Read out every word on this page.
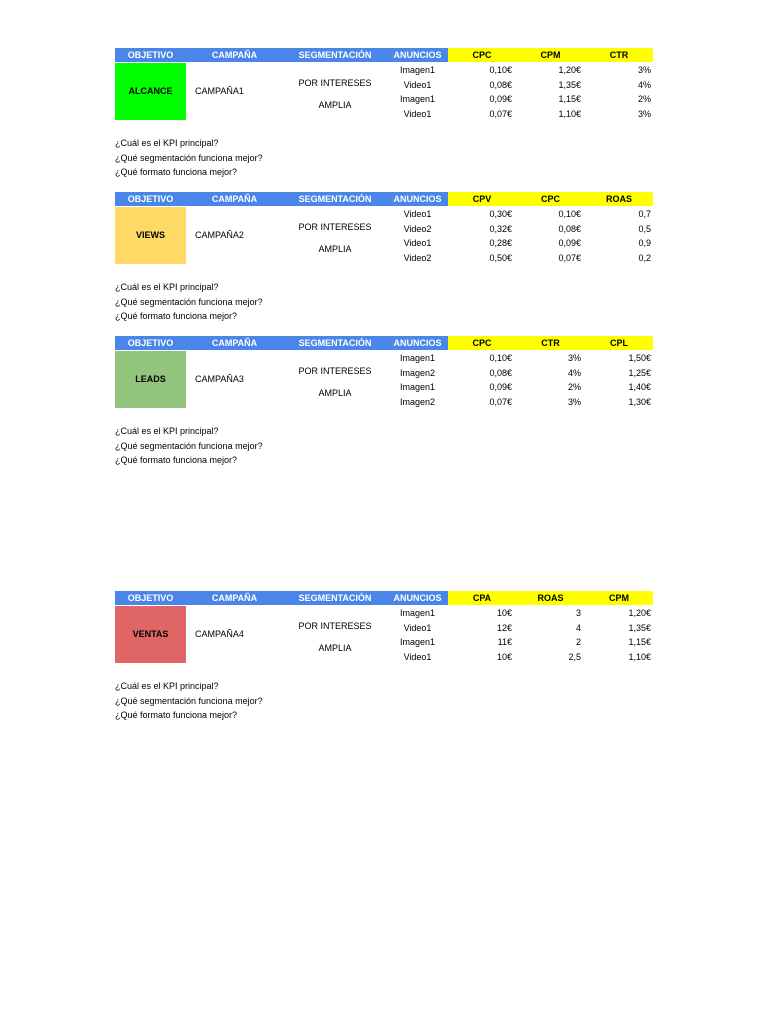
OBJETIVO	CAMPAÑA	SEGMENTACIÓN	ANUNCIOS	CPC	CPM	CTR
ALCANCE	CAMPAÑA1
POR INTERESES
AMPLIA
Imagen1	0,10€	1,20€	3%
Video1	0,08€	1,35€	4%
Imagen1	0,09€	1,15€	2%
Video1	0,07€	1,10€	3%
¿Cuál es el KPI principal?
¿Qué segmentación funciona mejor?
¿Qué formato funciona mejor?
OBJETIVO	CAMPAÑA	SEGMENTACIÓN	ANUNCIOS	CPV	CPC	ROAS
VIEWS	CAMPAÑA2
POR INTERESES
AMPLIA
Video1	0,30€	0,10€	0,7
Video2	0,32€	0,08€	0,5
Video1	0,28€	0,09€	0,9
Video2	0,50€	0,07€	0,2
¿Cuál es el KPI principal?
¿Qué segmentación funciona mejor?
¿Qué formato funciona mejor?
OBJETIVO	CAMPAÑA	SEGMENTACIÓN	ANUNCIOS	CPC	CTR	CPL
LEADS	CAMPAÑA3
POR INTERESES
AMPLIA
Imagen1	0,10€	3%	1,50€
Imagen2	0,08€	4%	1,25€
Imagen1	0,09€	2%	1,40€
Imagen2	0,07€	3%	1,30€
¿Cuál es el KPI principal?
¿Qué segmentación funciona mejor?
¿Qué formato funciona mejor?
OBJETIVO	CAMPAÑA	SEGMENTACIÓN	ANUNCIOS	CPA	ROAS	CPM
VENTAS	CAMPAÑA4
POR INTERESES
AMPLIA
Imagen1	10€	3	1,20€
Video1	12€	4	1,35€
Imagen1	11€	2	1,15€
Video1	10€	2,5	1,10€
¿Cuál es el KPI principal?
¿Qué segmentación funciona mejor?
¿Qué formato funciona mejor?
